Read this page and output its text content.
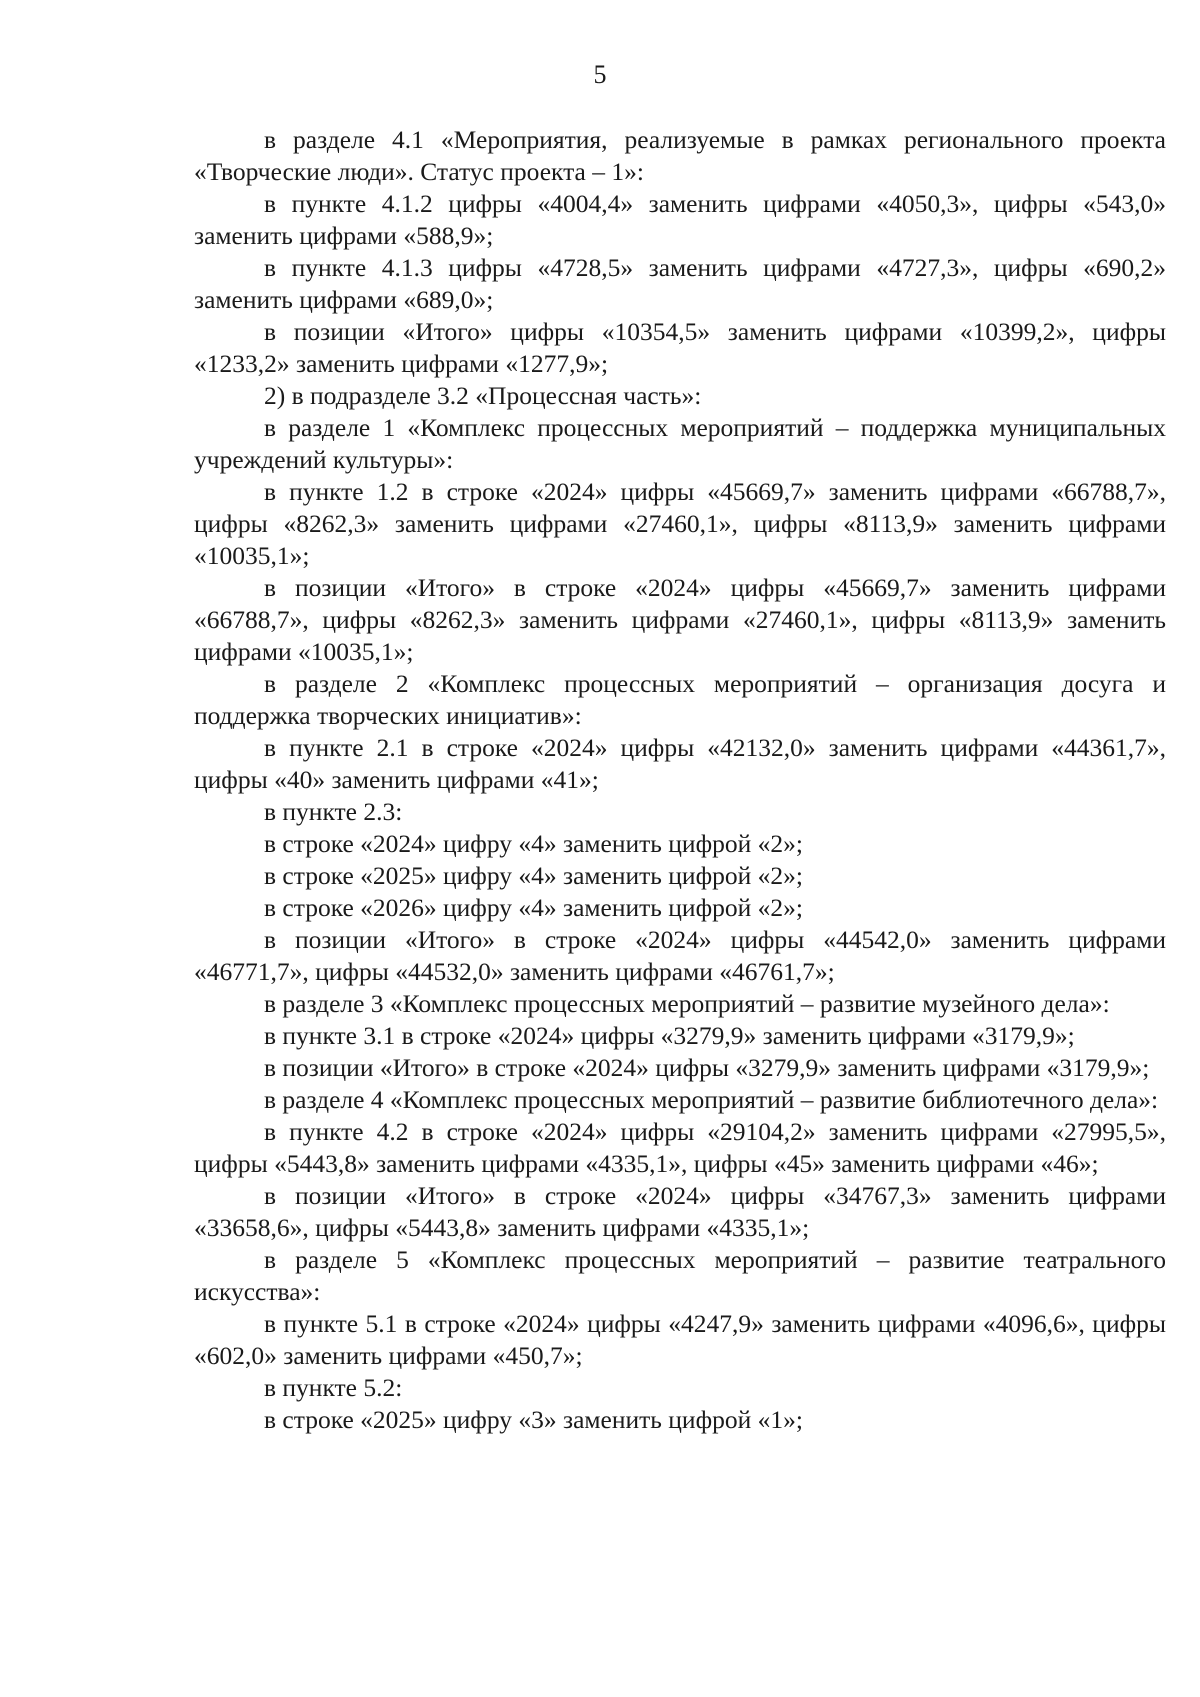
5

в разделе 4.1 «Мероприятия, реализуемые в рамках регионального проекта «Творческие люди». Статус проекта – 1»:

в пункте 4.1.2 цифры «4004,4» заменить цифрами «4050,3», цифры «543,0» заменить цифрами «588,9»;

в пункте 4.1.3 цифры «4728,5» заменить цифрами «4727,3», цифры «690,2» заменить цифрами «689,0»;

в позиции «Итого» цифры «10354,5» заменить цифрами «10399,2», цифры «1233,2» заменить цифрами «1277,9»;

2) в подразделе 3.2 «Процессная часть»:

в разделе 1 «Комплекс процессных мероприятий – поддержка муниципальных учреждений культуры»:

в пункте 1.2 в строке «2024» цифры «45669,7» заменить цифрами «66788,7», цифры «8262,3» заменить цифрами «27460,1», цифры «8113,9» заменить цифрами «10035,1»;

в позиции «Итого» в строке «2024» цифры «45669,7» заменить цифрами «66788,7», цифры «8262,3» заменить цифрами «27460,1», цифры «8113,9» заменить цифрами «10035,1»;

в разделе 2 «Комплекс процессных мероприятий – организация досуга и поддержка творческих инициатив»:

в пункте 2.1 в строке «2024» цифры «42132,0» заменить цифрами «44361,7», цифры «40» заменить цифрами «41»;

в пункте 2.3:

в строке «2024» цифру «4» заменить цифрой «2»;

в строке «2025» цифру «4» заменить цифрой «2»;

в строке «2026» цифру «4» заменить цифрой «2»;

в позиции «Итого» в строке «2024» цифры «44542,0» заменить цифрами «46771,7», цифры «44532,0» заменить цифрами «46761,7»;

в разделе 3 «Комплекс процессных мероприятий – развитие музейного дела»:

в пункте 3.1 в строке «2024» цифры «3279,9» заменить цифрами «3179,9»;

в позиции «Итого» в строке «2024» цифры «3279,9» заменить цифрами «3179,9»;

в разделе 4 «Комплекс процессных мероприятий – развитие библиотечного дела»:

в пункте 4.2 в строке «2024» цифры «29104,2» заменить цифрами «27995,5», цифры «5443,8» заменить цифрами «4335,1», цифры «45» заменить цифрами «46»;

в позиции «Итого» в строке «2024» цифры «34767,3» заменить цифрами «33658,6», цифры «5443,8» заменить цифрами «4335,1»;

в разделе 5 «Комплекс процессных мероприятий – развитие театрального искусства»:

в пункте 5.1 в строке «2024» цифры «4247,9» заменить цифрами «4096,6», цифры «602,0» заменить цифрами «450,7»;

в пункте 5.2:

в строке «2025» цифру «3» заменить цифрой «1»;
